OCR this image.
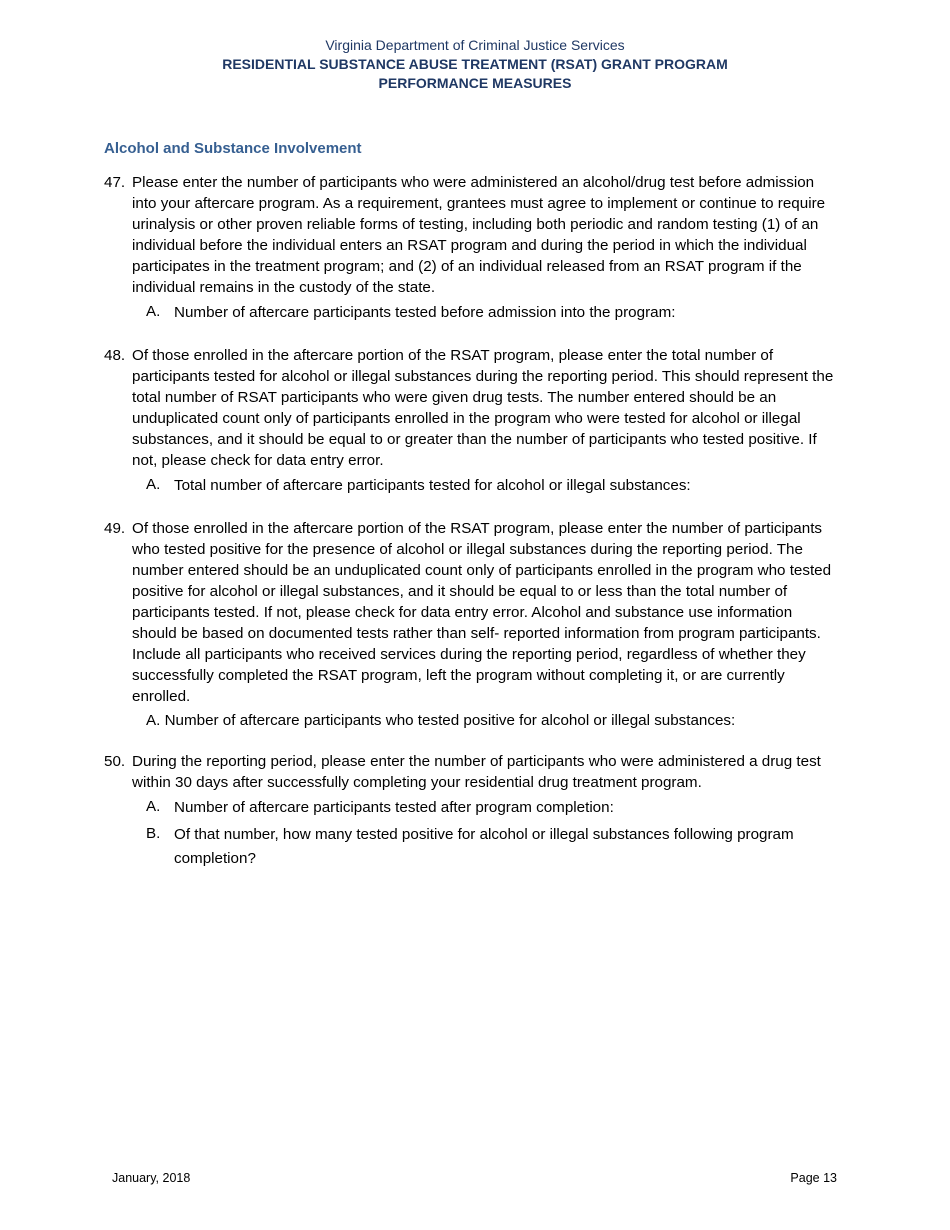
Virginia Department of Criminal Justice Services
RESIDENTIAL SUBSTANCE ABUSE TREATMENT (RSAT) GRANT PROGRAM
PERFORMANCE MEASURES
Alcohol and Substance Involvement
47. Please enter the number of participants who were administered an alcohol/drug test before admission into your aftercare program. As a requirement, grantees must agree to implement or continue to require urinalysis or other proven reliable forms of testing, including both periodic and random testing (1) of an individual before the individual enters an RSAT program and during the period in which the individual participates in the treatment program; and (2) of an individual released from an RSAT program if the individual remains in the custody of the state.
A. Number of aftercare participants tested before admission into the program:
48. Of those enrolled in the aftercare portion of the RSAT program, please enter the total number of participants tested for alcohol or illegal substances during the reporting period. This should represent the total number of RSAT participants who were given drug tests. The number entered should be an unduplicated count only of participants enrolled in the program who were tested for alcohol or illegal substances, and it should be equal to or greater than the number of participants who tested positive. If not, please check for data entry error.
A. Total number of aftercare participants tested for alcohol or illegal substances:
49. Of those enrolled in the aftercare portion of the RSAT program, please enter the number of participants who tested positive for the presence of alcohol or illegal substances during the reporting period. The number entered should be an unduplicated count only of participants enrolled in the program who tested positive for alcohol or illegal substances, and it should be equal to or less than the total number of participants tested. If not, please check for data entry error. Alcohol and substance use information should be based on documented tests rather than self- reported information from program participants. Include all participants who received services during the reporting period, regardless of whether they successfully completed the RSAT program, left the program without completing it, or are currently enrolled.
A. Number of aftercare participants who tested positive for alcohol or illegal substances:
50. During the reporting period, please enter the number of participants who were administered a drug test within 30 days after successfully completing your residential drug treatment program.
A. Number of aftercare participants tested after program completion:
B. Of that number, how many tested positive for alcohol or illegal substances following program completion?
January, 2018	Page 13
